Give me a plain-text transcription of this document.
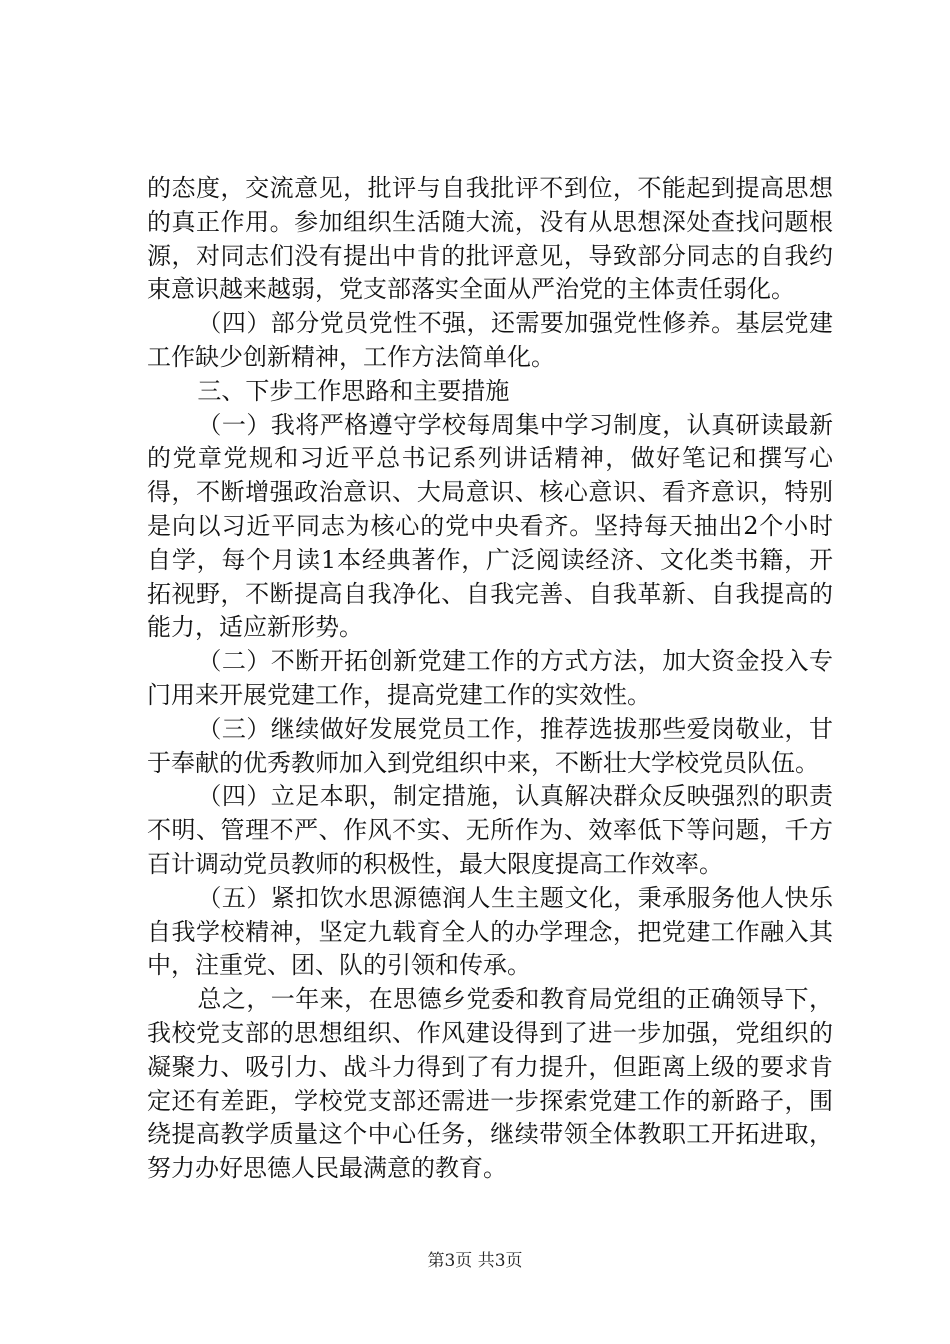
的态度，交流意见，批评与自我批评不到位，不能起到提高思想的真正作用。参加组织生活随大流，没有从思想深处查找问题根源，对同志们没有提出中肯的批评意见，导致部分同志的自我约束意识越来越弱，党支部落实全面从严治党的主体责任弱化。

（四）部分党员党性不强，还需要加强党性修养。基层党建工作缺少创新精神，工作方法简单化。

三、下步工作思路和主要措施

（一）我将严格遵守学校每周集中学习制度，认真研读最新的党章党规和习近平总书记系列讲话精神，做好笔记和撰写心得，不断增强政治意识、大局意识、核心意识、看齐意识，特别是向以习近平同志为核心的党中央看齐。坚持每天抽出2个小时自学，每个月读1本经典著作，广泛阅读经济、文化类书籍，开拓视野，不断提高自我净化、自我完善、自我革新、自我提高的能力，适应新形势。

（二）不断开拓创新党建工作的方式方法，加大资金投入专门用来开展党建工作，提高党建工作的实效性。

（三）继续做好发展党员工作，推荐选拔那些爱岗敬业，甘于奉献的优秀教师加入到党组织中来，不断壮大学校党员队伍。

（四）立足本职，制定措施，认真解决群众反映强烈的职责不明、管理不严、作风不实、无所作为、效率低下等问题，千方百计调动党员教师的积极性，最大限度提高工作效率。

（五）紧扣饮水思源德润人生主题文化，秉承服务他人快乐自我学校精神，坚定九载育全人的办学理念，把党建工作融入其中，注重党、团、队的引领和传承。

总之，一年来，在思德乡党委和教育局党组的正确领导下，我校党支部的思想组织、作风建设得到了进一步加强，党组织的凝聚力、吸引力、战斗力得到了有力提升，但距离上级的要求肯定还有差距，学校党支部还需进一步探索党建工作的新路子，围绕提高教学质量这个中心任务，继续带领全体教职工开拓进取，努力办好思德人民最满意的教育。

第3页 共3页
